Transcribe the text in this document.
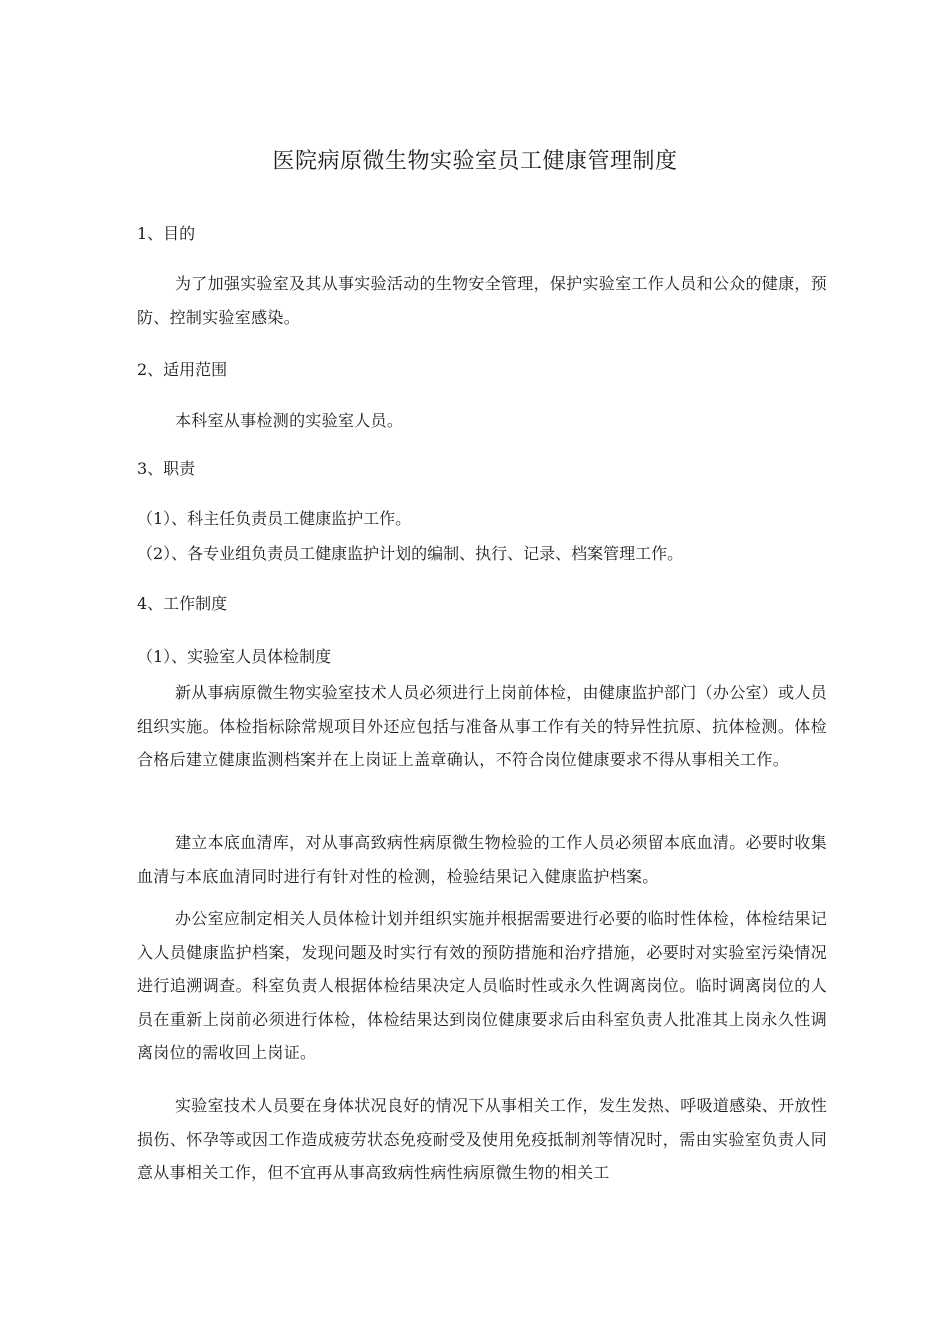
医院病原微生物实验室员工健康管理制度
1、目的
为了加强实验室及其从事实验活动的生物安全管理，保护实验室工作人员和公众的健康，预防、控制实验室感染。
2、适用范围
本科室从事检测的实验室人员。
3、职责
（1）、科主任负责员工健康监护工作。
（2）、各专业组负责员工健康监护计划的编制、执行、记录、档案管理工作。
4、工作制度
（1）、实验室人员体检制度
新从事病原微生物实验室技术人员必须进行上岗前体检，由健康监护部门（办公室）或人员组织实施。体检指标除常规项目外还应包括与准备从事工作有关的特异性抗原、抗体检测。体检合格后建立健康监测档案并在上岗证上盖章确认，不符合岗位健康要求不得从事相关工作。
建立本底血清库，对从事高致病性病原微生物检验的工作人员必须留本底血清。必要时收集血清与本底血清同时进行有针对性的检测，检验结果记入健康监护档案。
办公室应制定相关人员体检计划并组织实施并根据需要进行必要的临时性体检，体检结果记入人员健康监护档案，发现问题及时实行有效的预防措施和治疗措施，必要时对实验室污染情况进行追溯调查。科室负责人根据体检结果决定人员临时性或永久性调离岗位。临时调离岗位的人员在重新上岗前必须进行体检，体检结果达到岗位健康要求后由科室负责人批准其上岗永久性调离岗位的需收回上岗证。
实验室技术人员要在身体状况良好的情况下从事相关工作，发生发热、呼吸道感染、开放性损伤、怀孕等或因工作造成疲劳状态免疫耐受及使用免疫抵制剂等情况时，需由实验室负责人同意从事相关工作，但不宜再从事高致病性病性病原微生物的相关工
